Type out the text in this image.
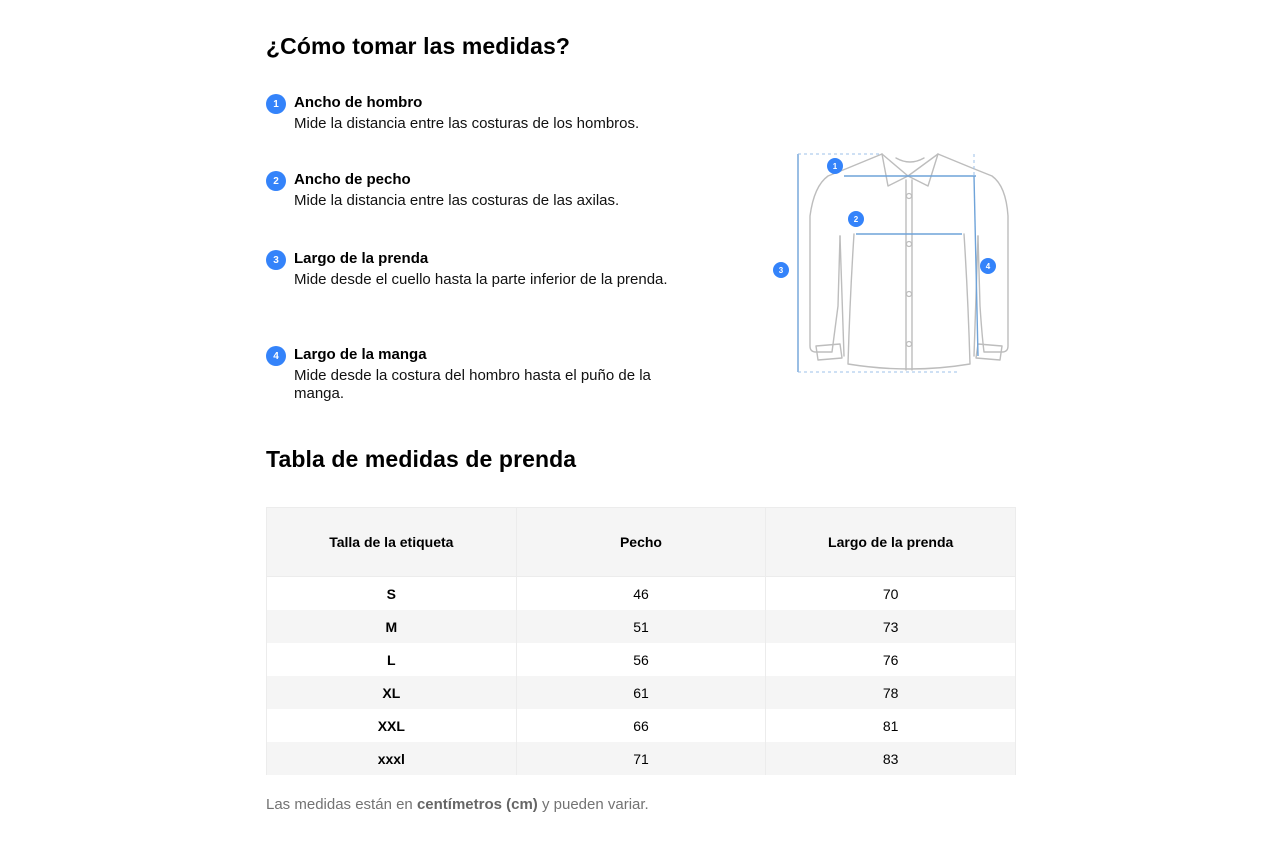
¿Cómo tomar las medidas?
1	Ancho de hombro
Mide la distancia entre las costuras de los hombros.
2	Ancho de pecho
Mide la distancia entre las costuras de las axilas.
3	Largo de la prenda
Mide desde el cuello hasta la parte inferior de la prenda.
4	Largo de la manga
Mide desde la costura del hombro hasta el puño de la manga.
Tabla de medidas de prenda
1
2
3	4
Talla de la etiqueta	Pecho	Largo de la prenda
S	46	70
M	51	73
L	56	76
XL	61	78
XXL	66	81
xxxl	71	83
Las medidas están en centímetros (cm) y pueden variar.
